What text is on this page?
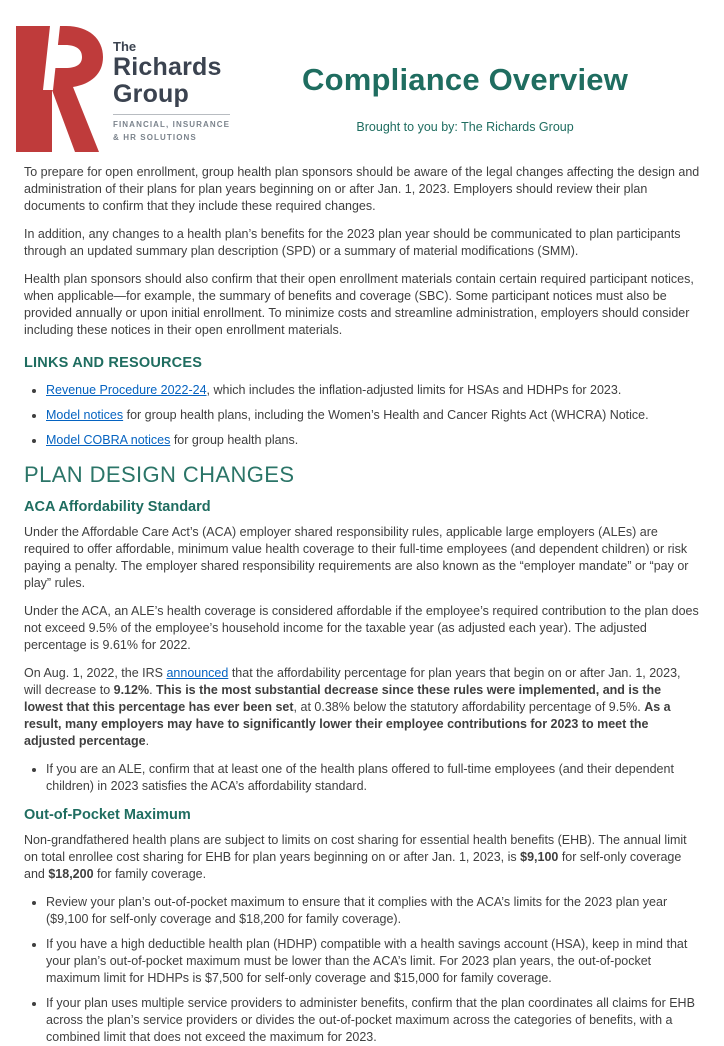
The
Richards
Group
FINANCIAL, INSURANCE
& HR SOLUTIONS
Compliance Overview
Brought to you by: The Richards Group

To prepare for open enrollment, group health plan sponsors should be aware of the legal changes affecting the design and administration of their plans for plan years beginning on or after Jan. 1, 2023. Employers should review their plan documents to confirm that they include these required changes.

In addition, any changes to a health plan’s benefits for the 2023 plan year should be communicated to plan participants through an updated summary plan description (SPD) or a summary of material modifications (SMM).

Health plan sponsors should also confirm that their open enrollment materials contain certain required participant notices, when applicable—for example, the summary of benefits and coverage (SBC). Some participant notices must also be provided annually or upon initial enrollment. To minimize costs and streamline administration, employers should consider including these notices in their open enrollment materials.

LINKS AND RESOURCES
• Revenue Procedure 2022-24, which includes the inflation-adjusted limits for HSAs and HDHPs for 2023.
• Model notices for group health plans, including the Women’s Health and Cancer Rights Act (WHCRA) Notice.
• Model COBRA notices for group health plans.
PLAN DESIGN CHANGES
ACA Affordability Standard

Under the Affordable Care Act’s (ACA) employer shared responsibility rules, applicable large employers (ALEs) are required to offer affordable, minimum value health coverage to their full-time employees (and dependent children) or risk paying a penalty. The employer shared responsibility requirements are also known as the “employer mandate” or “pay or play” rules.

Under the ACA, an ALE’s health coverage is considered affordable if the employee’s required contribution to the plan does not exceed 9.5% of the employee’s household income for the taxable year (as adjusted each year). The adjusted percentage is 9.61% for 2022.

On Aug. 1, 2022, the IRS announced that the affordability percentage for plan years that begin on or after Jan. 1, 2023, will decrease to 9.12%. This is the most substantial decrease since these rules were implemented, and is the lowest that this percentage has ever been set, at 0.38% below the statutory affordability percentage of 9.5%. As a result, many employers may have to significantly lower their employee contributions for 2023 to meet the adjusted percentage.

• If you are an ALE, confirm that at least one of the health plans offered to full-time employees (and their dependent children) in 2023 satisfies the ACA’s affordability standard.
Out-of-Pocket Maximum

Non-grandfathered health plans are subject to limits on cost sharing for essential health benefits (EHB). The annual limit on total enrollee cost sharing for EHB for plan years beginning on or after Jan. 1, 2023, is $9,100 for self-only coverage and $18,200 for family coverage.

• Review your plan’s out-of-pocket maximum to ensure that it complies with the ACA’s limits for the 2023 plan year ($9,100 for self-only coverage and $18,200 for family coverage).
• If you have a high deductible health plan (HDHP) compatible with a health savings account (HSA), keep in mind that your plan’s out-of-pocket maximum must be lower than the ACA’s limit. For 2023 plan years, the out-of-pocket maximum limit for HDHPs is $7,500 for self-only coverage and $15,000 for family coverage.
• If your plan uses multiple service providers to administer benefits, confirm that the plan coordinates all claims for EHB across the plan’s service providers or divides the out-of-pocket maximum across the categories of benefits, with a combined limit that does not exceed the maximum for 2023.
